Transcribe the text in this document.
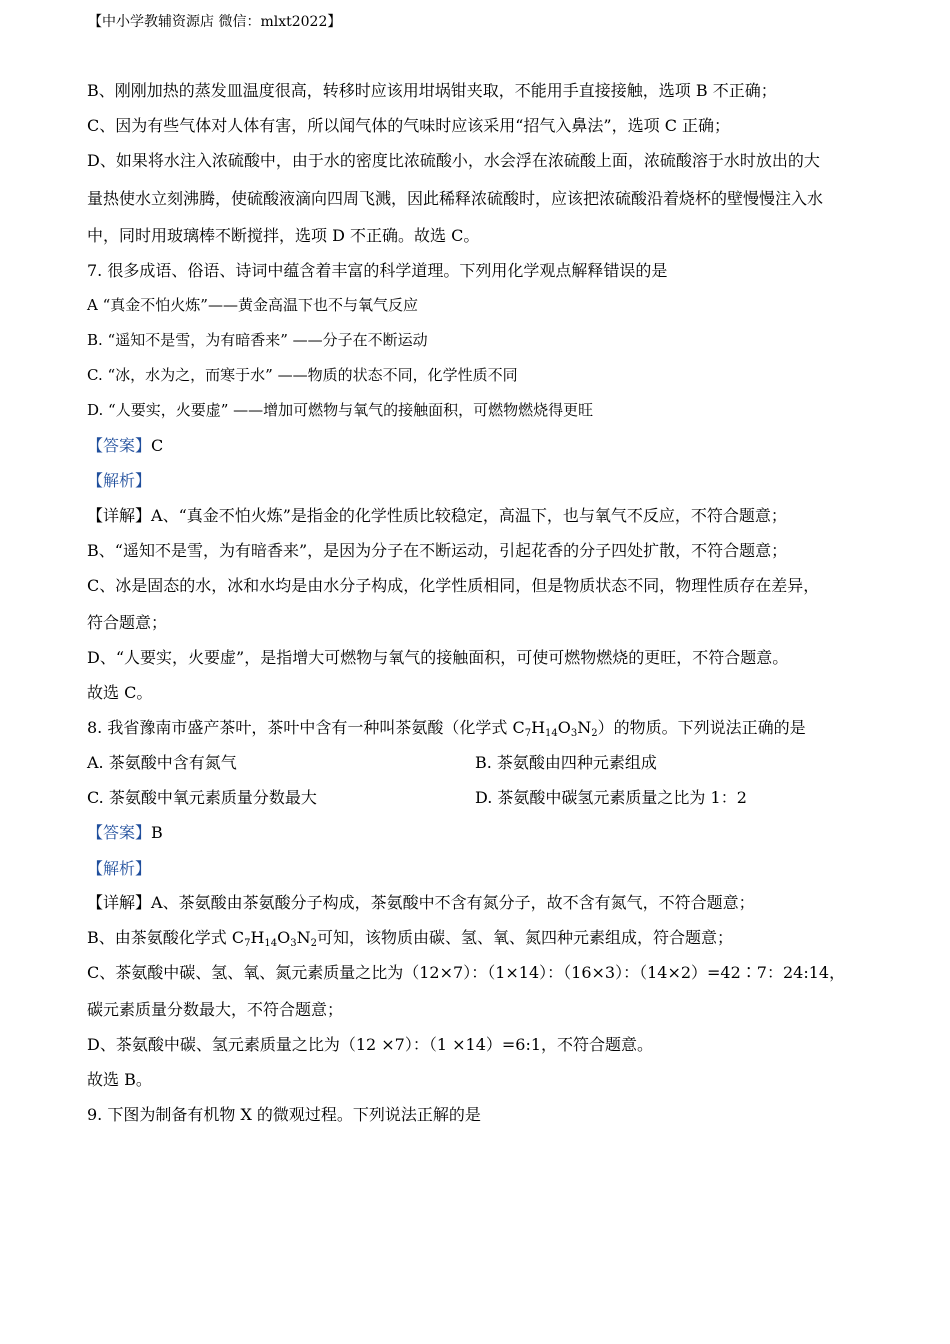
【中小学教辅资源店 微信：mlxt2022】
B、刚刚加热的蒸发皿温度很高，转移时应该用坩埚钳夹取，不能用手直接接触，选项 B 不正确；
C、因为有些气体对人体有害，所以闻气体的气味时应该采用“招气入鼻法”，选项 C 正确；
D、如果将水注入浓硫酸中，由于水的密度比浓硫酸小，水会浮在浓硫酸上面，浓硫酸溶于水时放出的大
量热使水立刻沸腾，使硫酸液滴向四周飞溅，因此稀释浓硫酸时，应该把浓硫酸沿着烧杯的壁慢慢注入水
中，同时用玻璃棒不断搅拌，选项 D 不正确。故选 C。
7. 很多成语、俗语、诗词中蕴含着丰富的科学道理。下列用化学观点解释错误的是
A “真金不怕火炼”——黄金高温下也不与氧气反应
B. “遥知不是雪，为有暗香来” ——分子在不断运动
C. “冰，水为之，而寒于水” ——物质的状态不同，化学性质不同
D. “人要实，火要虚” ——增加可燃物与氧气的接触面积，可燃物燃烧得更旺
【答案】C
【解析】
【详解】A、“真金不怕火炼”是指金的化学性质比较稳定，高温下，也与氧气不反应，不符合题意；
B、“遥知不是雪，为有暗香来”，是因为分子在不断运动，引起花香的分子四处扩散，不符合题意；
C、冰是固态的水，冰和水均是由水分子构成，化学性质相同，但是物质状态不同，物理性质存在差异，
符合题意；
D、“人要实，火要虚”，是指增大可燃物与氧气的接触面积，可使可燃物燃烧的更旺，不符合题意。
故选 C。
8. 我省豫南市盛产茶叶，茶叶中含有一种叫茶氨酸（化学式 $C_7H_{14}O_3N_2$）的物质。下列说法正确的是
A. 茶氨酸中含有氮气	B. 茶氨酸由四种元素组成
C. 茶氨酸中氧元素质量分数最大	D. 茶氨酸中碳氢元素质量之比为 1：2
【答案】B
【解析】
【详解】A、茶氨酸由茶氨酸分子构成，茶氨酸中不含有氮分子，故不含有氮气，不符合题意；
B、由茶氨酸化学式 $C_7H_{14}O_3N_2$可知，该物质由碳、氢、氧、氮四种元素组成，符合题意；
C、茶氨酸中碳、氢、氧、氮元素质量之比为（12×7）：（1×14）：（16×3）：（14×2）=42∶7：24:14，
碳元素质量分数最大，不符合题意；
D、茶氨酸中碳、氢元素质量之比为（12 ×7）：（1 ×14）=6:1，不符合题意。
故选 B。
9. 下图为制备有机物 X 的微观过程。下列说法正解的是
